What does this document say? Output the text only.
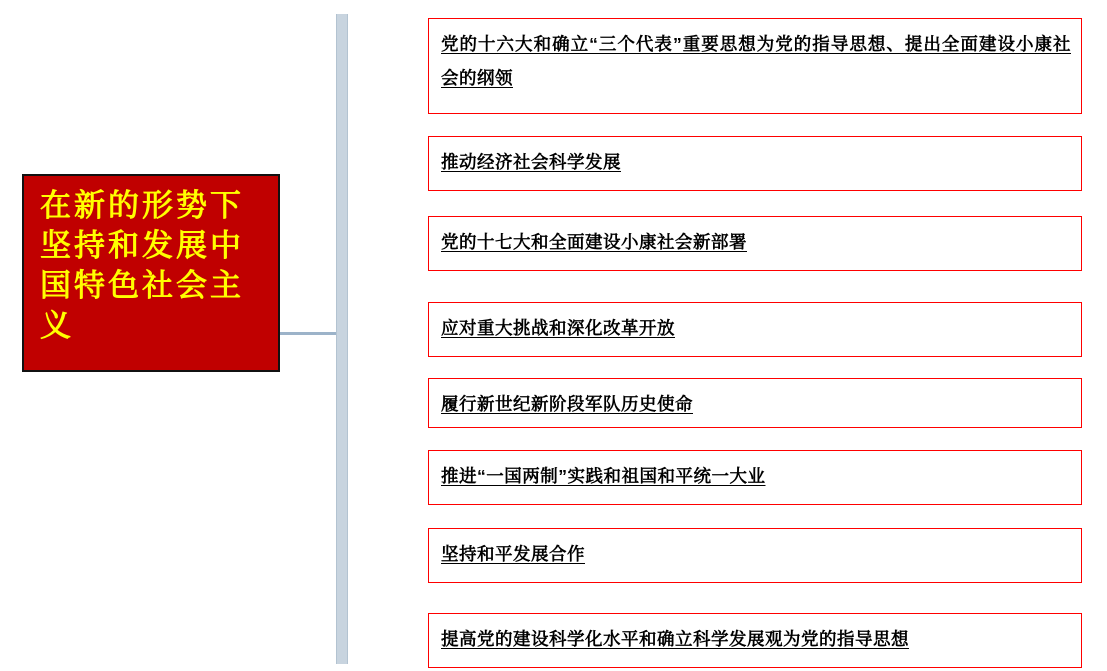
在新的形势下坚持和发展中国特色社会主义
党的十六大和确立“三个代表”重要思想为党的指导思想、提出全面建设小康社会的纲领
推动经济社会科学发展
党的十七大和全面建设小康社会新部署
应对重大挑战和深化改革开放
履行新世纪新阶段军队历史使命
推进“一国两制”实践和祖国和平统一大业
坚持和平发展合作
提高党的建设科学化水平和确立科学发展观为党的指导思想
